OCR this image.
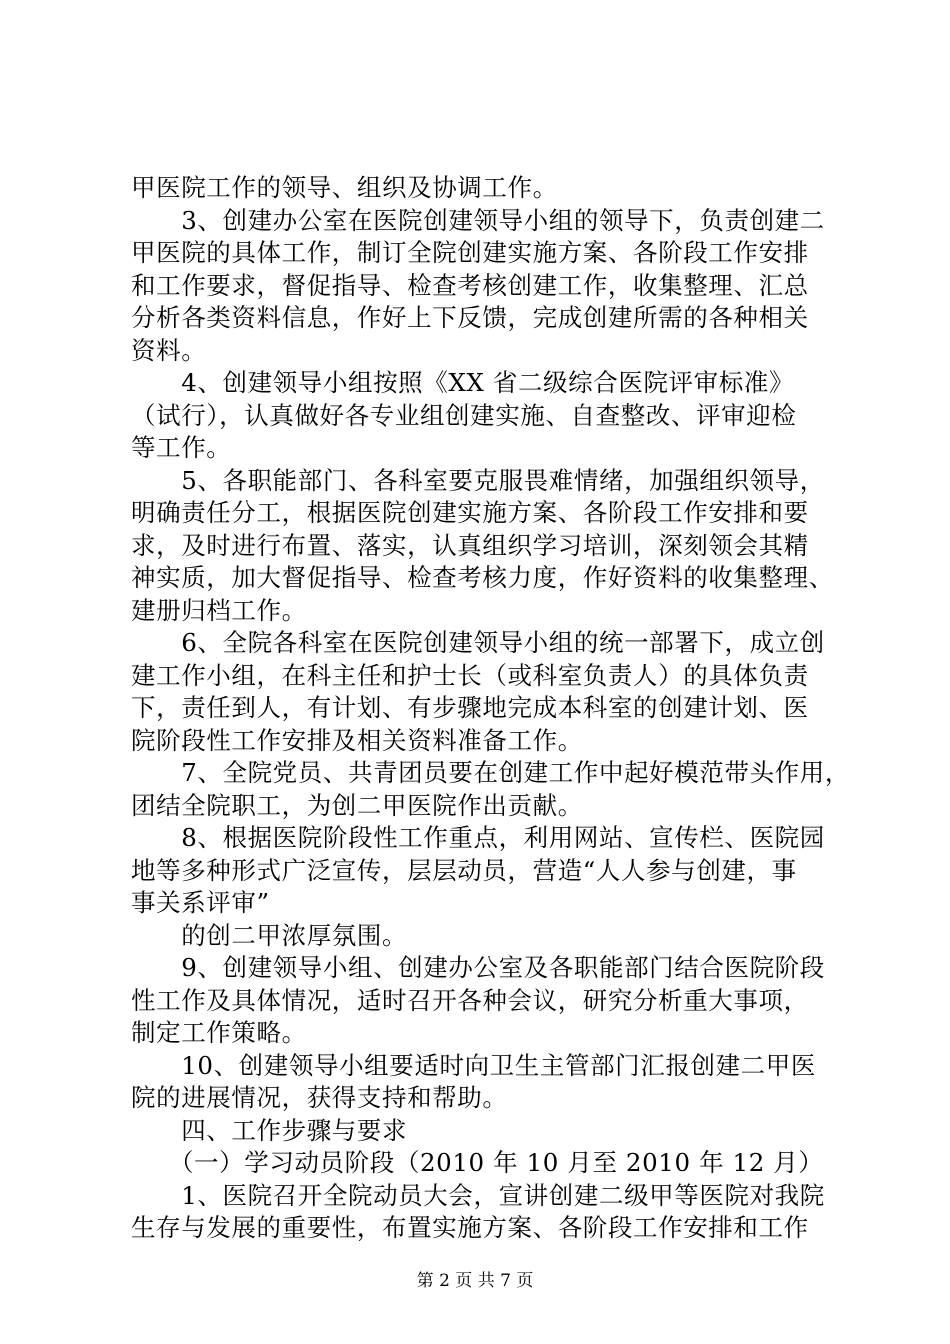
甲医院工作的领导、组织及协调工作。
　　3、创建办公室在医院创建领导小组的领导下，负责创建二
甲医院的具体工作，制订全院创建实施方案、各阶段工作安排
和工作要求，督促指导、检查考核创建工作，收集整理、汇总
分析各类资料信息，作好上下反馈，完成创建所需的各种相关
资料。
　　4、创建领导小组按照《XX 省二级综合医院评审标准》
（试行），认真做好各专业组创建实施、自查整改、评审迎检
等工作。
　　5、各职能部门、各科室要克服畏难情绪，加强组织领导，
明确责任分工，根据医院创建实施方案、各阶段工作安排和要
求，及时进行布置、落实，认真组织学习培训，深刻领会其精
神实质，加大督促指导、检查考核力度，作好资料的收集整理、
建册归档工作。
　　6、全院各科室在医院创建领导小组的统一部署下，成立创
建工作小组，在科主任和护士长（或科室负责人）的具体负责
下，责任到人，有计划、有步骤地完成本科室的创建计划、医
院阶段性工作安排及相关资料准备工作。
　　7、全院党员、共青团员要在创建工作中起好模范带头作用，
团结全院职工，为创二甲医院作出贡献。
　　8、根据医院阶段性工作重点，利用网站、宣传栏、医院园
地等多种形式广泛宣传，层层动员，营造“人人参与创建，事
事关系评审”
　　的创二甲浓厚氛围。
　　9、创建领导小组、创建办公室及各职能部门结合医院阶段
性工作及具体情况，适时召开各种会议，研究分析重大事项，
制定工作策略。
　　10、创建领导小组要适时向卫生主管部门汇报创建二甲医
院的进展情况，获得支持和帮助。
　　四、工作步骤与要求
　　（一）学习动员阶段（2010 年 10 月至 2010 年 12 月）
　　1、医院召开全院动员大会，宣讲创建二级甲等医院对我院
第 2 页 共 7 页
生存与发展的重要性，布置实施方案、各阶段工作安排和工作
